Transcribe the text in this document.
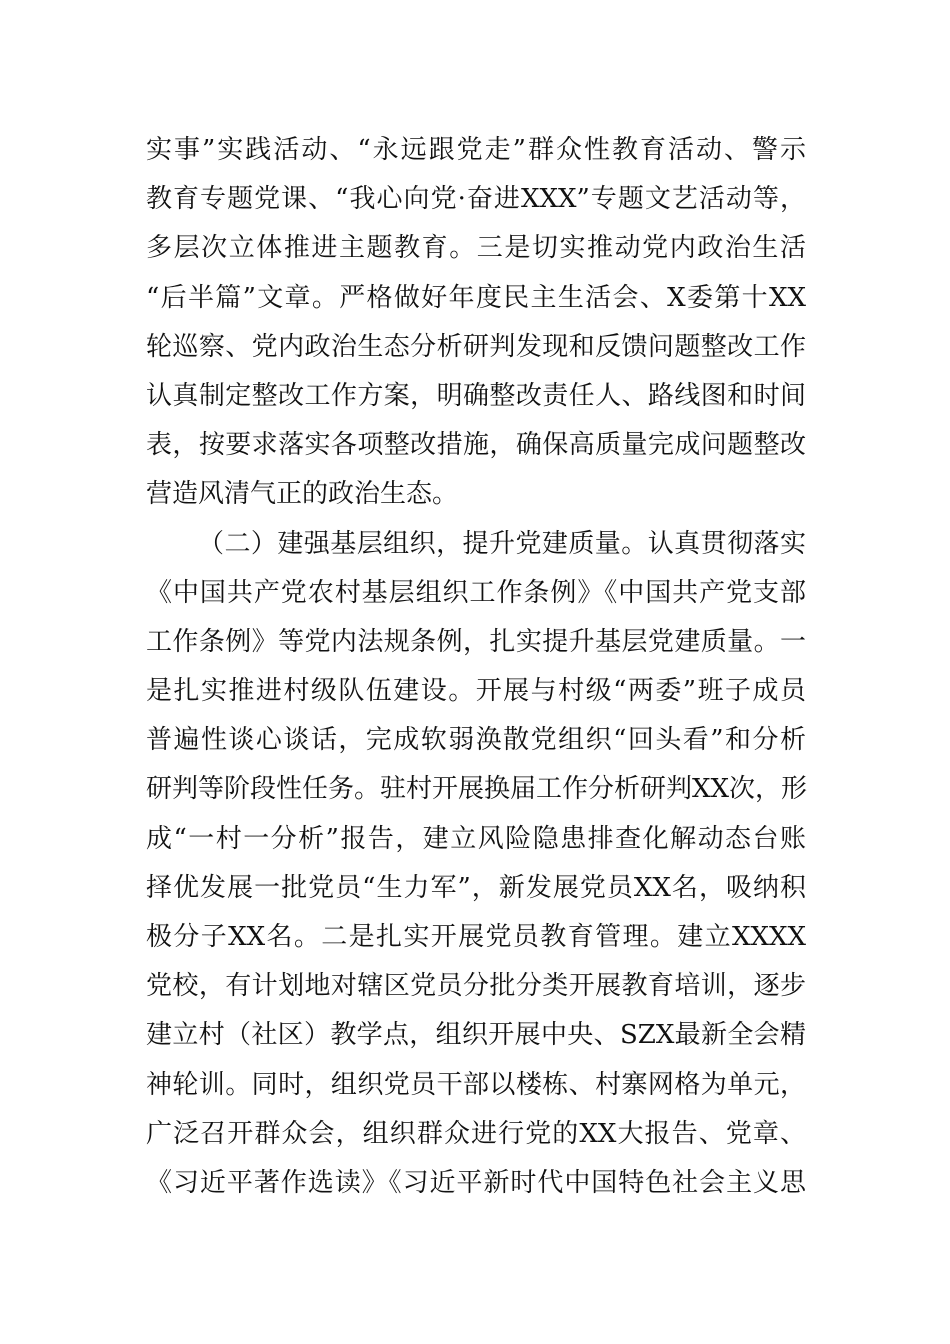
实事”实践活动、“永远跟党走”群众性教育活动、警示
教育专题党课、“我心向党·奋进XXX”专题文艺活动等，
多层次立体推进主题教育。三是切实推动党内政治生活
“后半篇”文章。严格做好年度民主生活会、X委第十XX
轮巡察、党内政治生态分析研判发现和反馈问题整改工作
认真制定整改工作方案，明确整改责任人、路线图和时间
表，按要求落实各项整改措施，确保高质量完成问题整改
营造风清气正的政治生态。
（二）建强基层组织，提升党建质量。认真贯彻落实
《中国共产党农村基层组织工作条例》《中国共产党支部
工作条例》等党内法规条例，扎实提升基层党建质量。一
是扎实推进村级队伍建设。开展与村级“两委”班子成员
普遍性谈心谈话，完成软弱涣散党组织“回头看”和分析
研判等阶段性任务。驻村开展换届工作分析研判XX次，形
成“一村一分析”报告，建立风险隐患排查化解动态台账
择优发展一批党员“生力军”，新发展党员XX名，吸纳积
极分子XX名。二是扎实开展党员教育管理。建立XXXX
党校，有计划地对辖区党员分批分类开展教育培训，逐步
建立村（社区）教学点，组织开展中央、SZX最新全会精
神轮训。同时，组织党员干部以楼栋、村寨网格为单元，
广泛召开群众会，组织群众进行党的XX大报告、党章、
《习近平著作选读》《习近平新时代中国特色社会主义思
